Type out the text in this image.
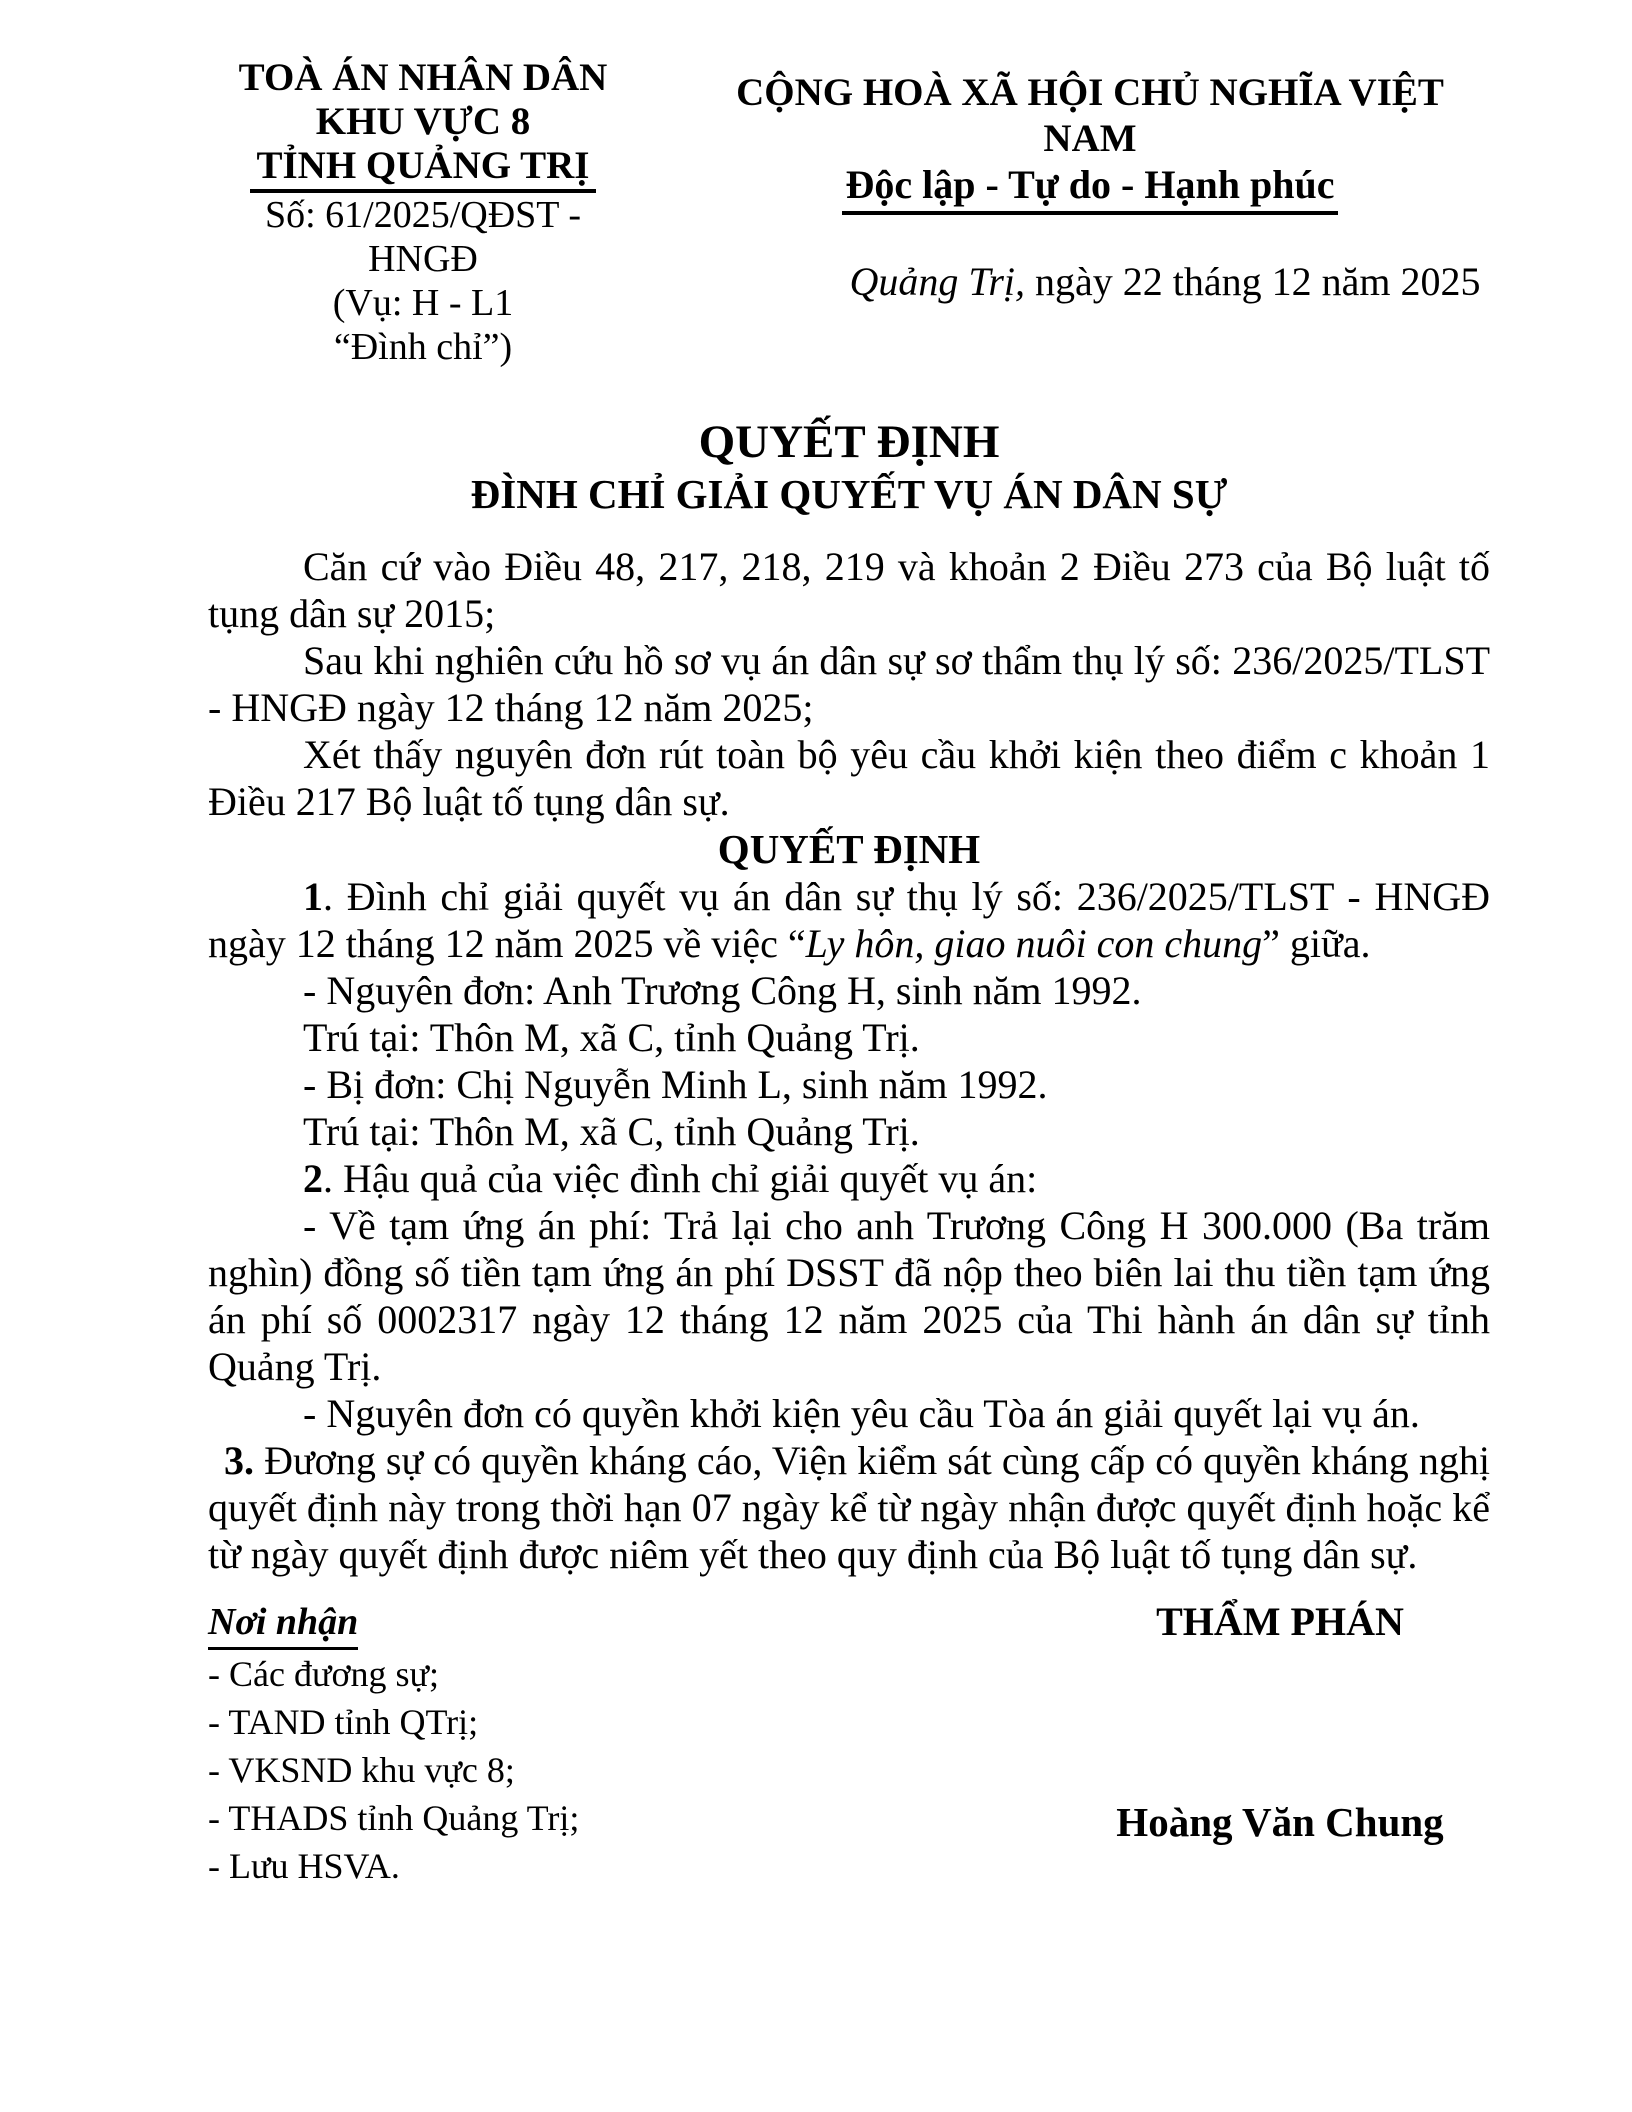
TOÀ ÁN NHÂN DÂN
KHU VỰC 8
TỈNH QUẢNG TRỊ
Số: 61/2025/QĐST - HNGĐ
(Vụ: H - L1
“Đình chỉ”)
CỘNG HOÀ XÃ HỘI CHỦ NGHĨA VIỆT NAM
Độc lập - Tự do - Hạnh phúc
Quảng Trị, ngày 22 tháng 12 năm 2025
QUYẾT ĐỊNH
ĐÌNH CHỈ GIẢI QUYẾT VỤ ÁN DÂN SỰ

Căn cứ vào Điều 48, 217, 218, 219 và khoản 2 Điều 273 của Bộ luật tố tụng dân sự 2015;

Sau khi nghiên cứu hồ sơ vụ án dân sự sơ thẩm thụ lý số: 236/2025/TLST - HNGĐ ngày 12 tháng 12 năm 2025;

Xét thấy nguyên đơn rút toàn bộ yêu cầu khởi kiện theo điểm c khoản 1 Điều 217 Bộ luật tố tụng dân sự.

QUYẾT ĐỊNH

1. Đình chỉ giải quyết vụ án dân sự thụ lý số: 236/2025/TLST - HNGĐ ngày 12 tháng 12 năm 2025 về việc “Ly hôn, giao nuôi con chung” giữa.

- Nguyên đơn: Anh Trương Công H, sinh năm 1992.

Trú tại: Thôn M, xã C, tỉnh Quảng Trị.

- Bị đơn: Chị Nguyễn Minh L, sinh năm 1992.

Trú tại: Thôn M, xã C, tỉnh Quảng Trị.

2. Hậu quả của việc đình chỉ giải quyết vụ án:

- Về tạm ứng án phí: Trả lại cho anh Trương Công H 300.000 (Ba trăm nghìn) đồng số tiền tạm ứng án phí DSST đã nộp theo biên lai thu tiền tạm ứng án phí số 0002317 ngày 12 tháng 12 năm 2025 của Thi hành án dân sự tỉnh Quảng Trị.

- Nguyên đơn có quyền khởi kiện yêu cầu Tòa án giải quyết lại vụ án.

3. Đương sự có quyền kháng cáo, Viện kiểm sát cùng cấp có quyền kháng nghị quyết định này trong thời hạn 07 ngày kể từ ngày nhận được quyết định hoặc kể từ ngày quyết định được niêm yết theo quy định của Bộ luật tố tụng dân sự.

Nơi nhận

- Các đương sự;

- TAND tỉnh QTrị;

- VKSND khu vực 8;

- THADS tỉnh Quảng Trị;

- Lưu HSVA.

THẨM PHÁN
Hoàng Văn Chung
